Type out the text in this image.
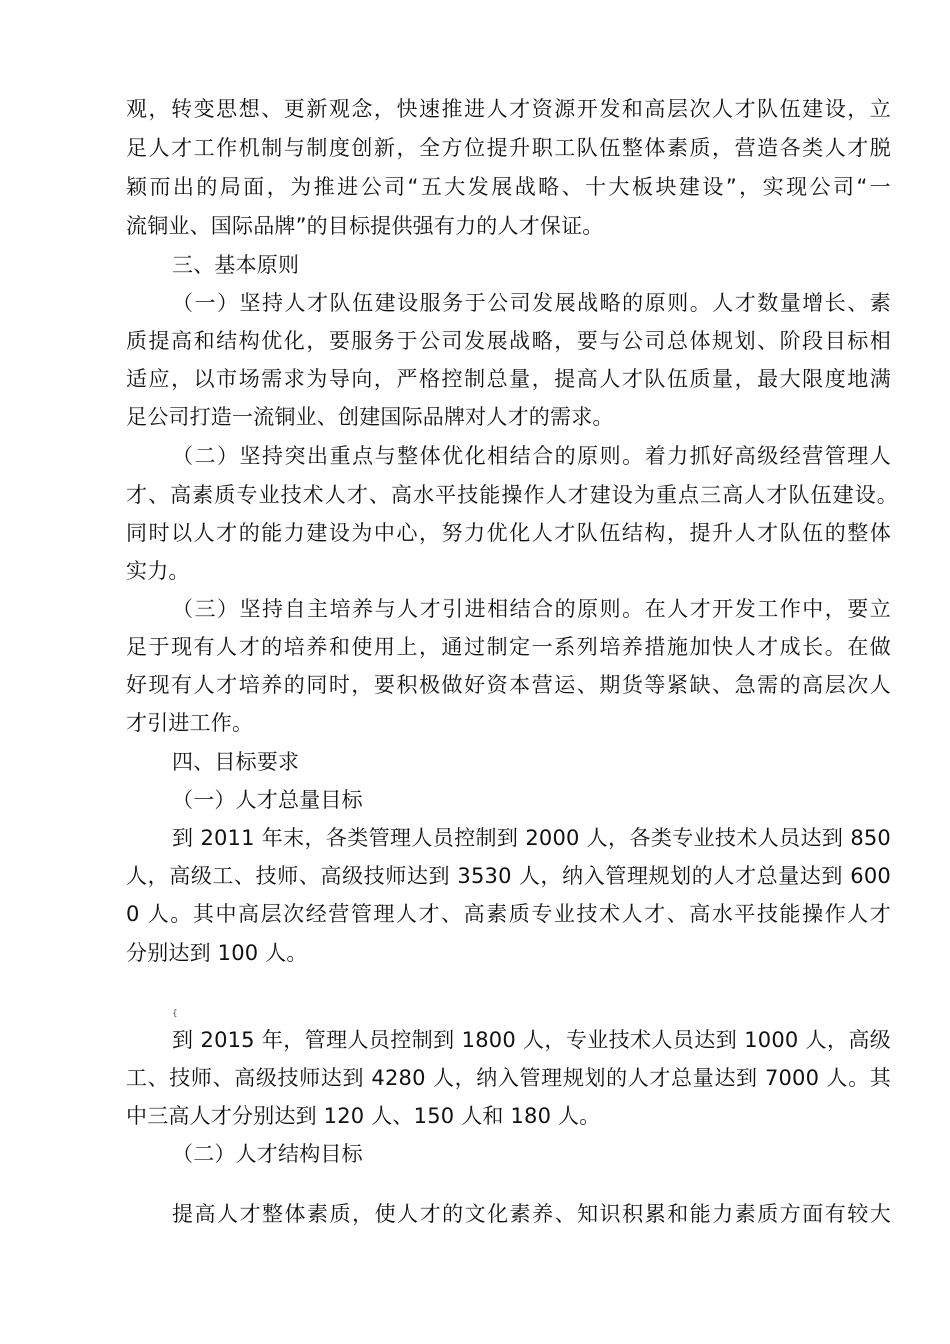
观，转变思想、更新观念，快速推进人才资源开发和高层次人才队伍建设，立
足人才工作机制与制度创新，全方位提升职工队伍整体素质，营造各类人才脱
颖而出的局面，为推进公司“五大发展战略、十大板块建设”，实现公司“一
流铜业、国际品牌”的目标提供强有力的人才保证。
三、基本原则
（一）坚持人才队伍建设服务于公司发展战略的原则。人才数量增长、素
质提高和结构优化，要服务于公司发展战略，要与公司总体规划、阶段目标相
适应，以市场需求为导向，严格控制总量，提高人才队伍质量，最大限度地满
足公司打造一流铜业、创建国际品牌对人才的需求。
（二）坚持突出重点与整体优化相结合的原则。着力抓好高级经营管理人
才、高素质专业技术人才、高水平技能操作人才建设为重点三高人才队伍建设。
同时以人才的能力建设为中心，努力优化人才队伍结构，提升人才队伍的整体
实力。
（三）坚持自主培养与人才引进相结合的原则。在人才开发工作中，要立
足于现有人才的培养和使用上，通过制定一系列培养措施加快人才成长。在做
好现有人才培养的同时，要积极做好资本营运、期货等紧缺、急需的高层次人
才引进工作。
四、目标要求
（一）人才总量目标
到 2011 年末，各类管理人员控制到 2000 人，各类专业技术人员达到 850
人，高级工、技师、高级技师达到 3530 人，纳入管理规划的人才总量达到 600
0 人。其中高层次经营管理人才、高素质专业技术人才、高水平技能操作人才
分别达到 100 人。
{
到 2015 年，管理人员控制到 1800 人，专业技术人员达到 1000 人，高级
工、技师、高级技师达到 4280 人，纳入管理规划的人才总量达到 7000 人。其
中三高人才分别达到 120 人、150 人和 180 人。
（二）人才结构目标
提高人才整体素质，使人才的文化素养、知识积累和能力素质方面有较大
